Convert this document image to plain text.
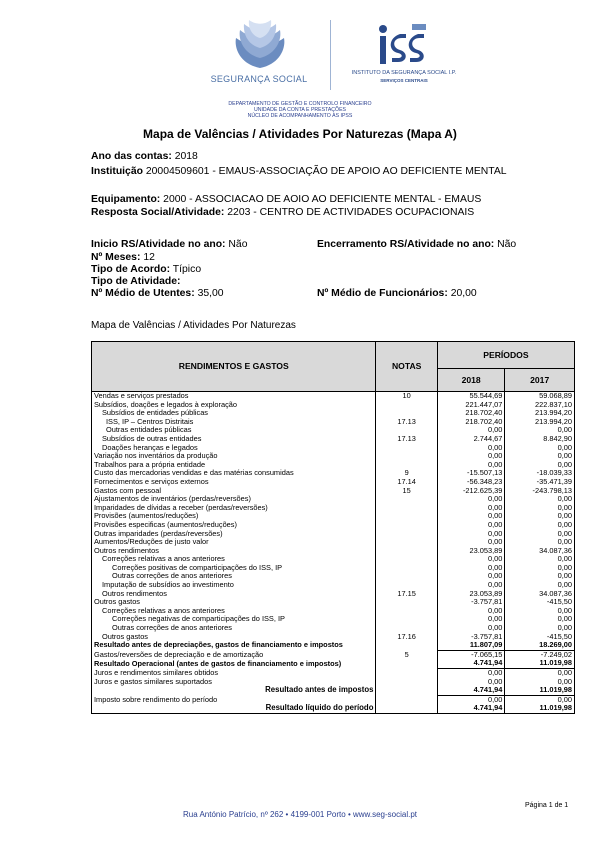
SEGURANÇA SOCIAL
INSTITUTO DA SEGURANÇA SOCIAL I.P.
SERVIÇOS CENTRAIS
DEPARTAMENTO DE GESTÃO E CONTROLO FINANCEIRO
UNIDADE DA CONTA E PRESTAÇÕES
NÚCLEO DE ACOMPANHAMENTO ÀS IPSS
Mapa de Valências / Atividades Por Naturezas (Mapa A)
Ano das contas: 2018
Instituição 20004509601 - EMAUS-ASSOCIAÇÃO DE APOIO AO DEFICIENTE MENTAL
Equipamento: 2000 - ASSOCIACAO DE AOIO AO DEFICIENTE MENTAL - EMAUS
Resposta Social/Atividade: 2203 - CENTRO DE ACTIVIDADES OCUPACIONAIS
Inicio RS/Atividade no ano: Não	Encerramento RS/Atividade no ano: Não
Nº Meses: 12
Tipo de Acordo: Típico
Tipo de Atividade:
Nº Médio de Utentes: 35,00	Nº Médio de Funcionários: 20,00
Mapa de Valências / Atividades Por Naturezas
RENDIMENTOS E GASTOS	NOTAS	PERÍODOS	
		2018	2017
Vendas e serviços prestados	10	55.544,69	59.068,89
Subsídios, doações e legados à exploração		221.447,07	222.837,10
Subsídios de entidades públicas		218.702,40	213.994,20
ISS, IP – Centros Distritais	17.13	218.702,40	213.994,20
Outras entidades públicas		0,00	0,00
Subsídios de outras entidades	17.13	2.744,67	8.842,90
Doações heranças e legados		0,00	0,00
Variação nos inventários da produção		0,00	0,00
Trabalhos para a própria entidade		0,00	0,00
Custo das mercadorias vendidas e das matérias consumidas	9	-15.507,13	-18.039,33
Fornecimentos e serviços externos	17.14	-56.348,23	-35.471,39
Gastos com pessoal	15	-212.625,39	-243.798,13
Ajustamentos de inventários (perdas/reversões)		0,00	0,00
Imparidades de dívidas a receber (perdas/reversões)		0,00	0,00
Provisões (aumentos/reduções)		0,00	0,00
Provisões especificas (aumentos/reduções)		0,00	0,00
Outras imparidades (perdas/reversões)		0,00	0,00
Aumentos/Reduções de justo valor		0,00	0,00
Outros rendimentos		23.053,89	34.087,36
Correções relativas a anos anteriores		0,00	0,00
Correções positivas de comparticipações do ISS, IP		0,00	0,00
Outras correções de anos anteriores		0,00	0,00
Imputação de subsídios ao investimento		0,00	0,00
Outros rendimentos	17.15	23.053,89	34.087,36
Outros gastos		-3.757,81	-415,50
Correções relativas a anos anteriores		0,00	0,00
Correções negativas de comparticipações do ISS, IP		0,00	0,00
Outras correções de anos anteriores		0,00	0,00
Outros gastos	17.16	-3.757,81	-415,50
Resultado antes de depreciações, gastos de financiamento e impostos		11.807,09	18.269,00
Gastos/reversões de depreciação e de amortização	5	-7.065,15	-7.249,02
Resultado Operacional (antes de gastos de financiamento e impostos)		4.741,94	11.019,98
Juros e rendimentos similares obtidos		0,00	0,00
Juros e gastos similares suportados		0,00	0,00
Resultado antes de impostos		4.741,94	11.019,98
Imposto sobre rendimento do período		0,00	0,00
Resultado líquido do período		4.741,94	11.019,98
Página 1 de 1
Rua António Patrício, nº 262 • 4199-001 Porto • www.seg-social.pt
